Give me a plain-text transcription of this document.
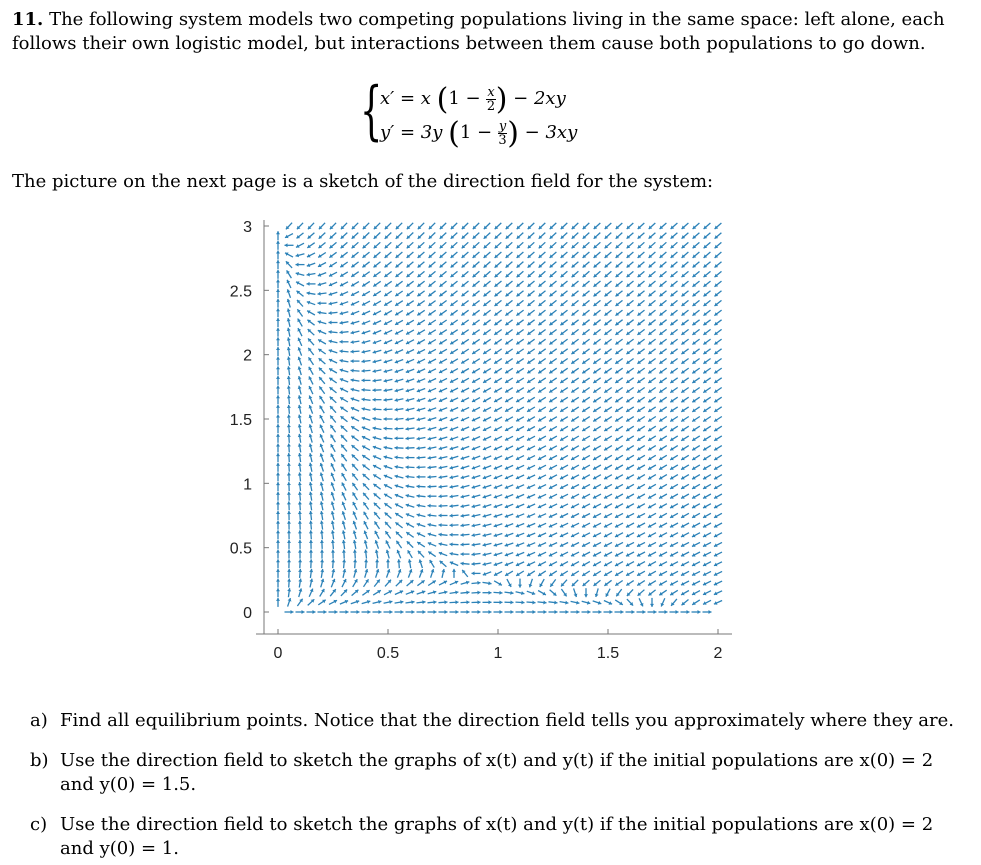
11. The following system models two competing populations living in the same space: left alone, each follows their own logistic model, but interactions between them cause both populations to go down.
{
x′ = x ($1 - \frac{x}{2}$ ) − 2xy
y′ = 3y ($1 - \frac{y}{3}$ ) − 3xy
The picture on the next page is a sketch of the direction field for the system:
0
0.5
1
1.5
2
2.5
3
0	0.5	1	1.5	2
a) Find all equilibrium points. Notice that the direction field tells you approximately where they are.
b) Use the direction field to sketch the graphs of x(t) and y(t) if the initial populations are x(0) = 2 and y(0) = 1.5.
c) Use the direction field to sketch the graphs of x(t) and y(t) if the initial populations are x(0) = 2 and y(0) = 1.
